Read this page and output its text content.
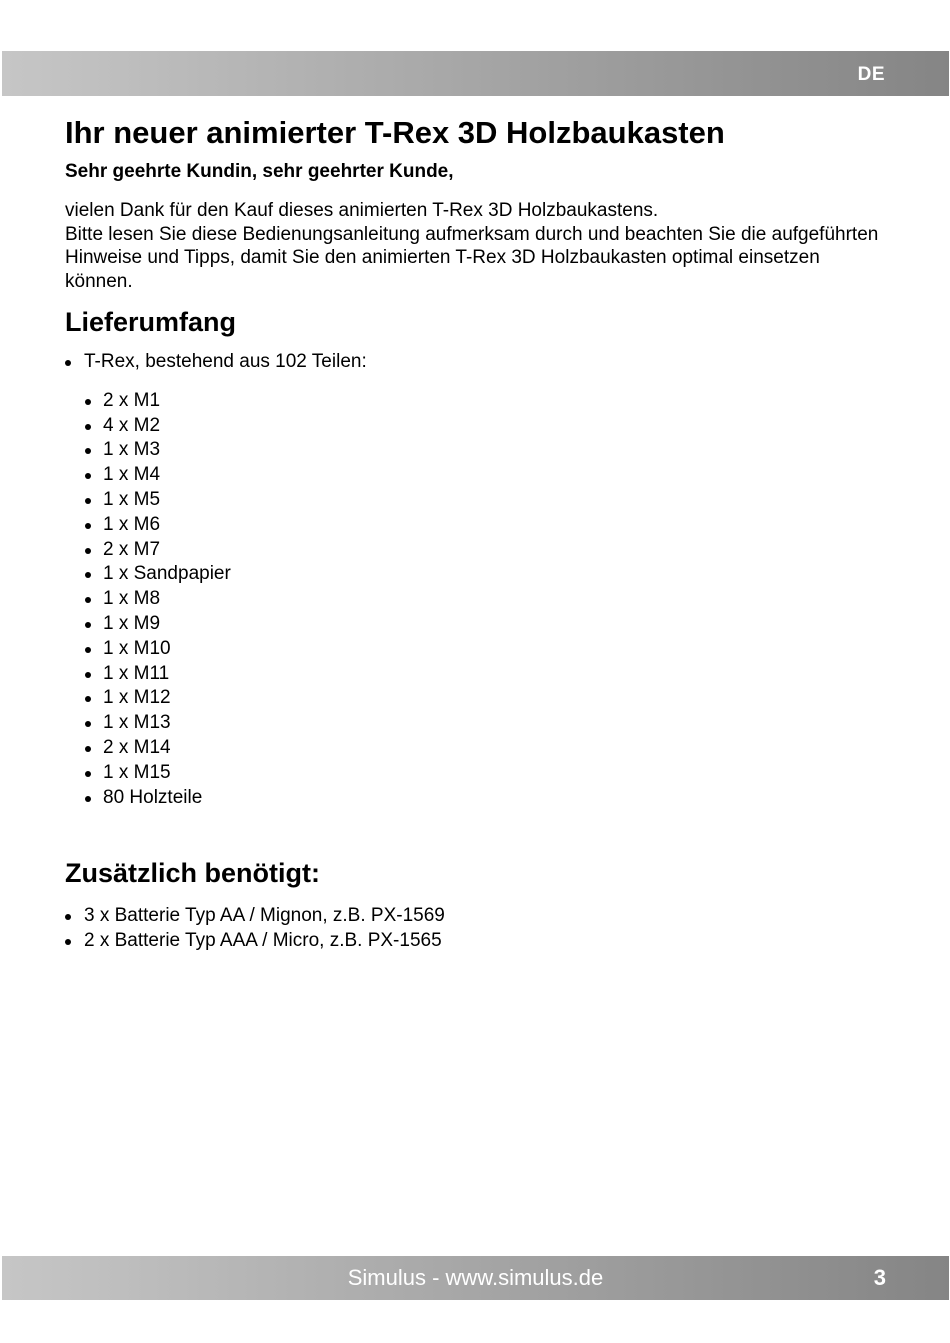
DE
Ihr neuer animierter T-Rex 3D Holzbaukasten

Sehr geehrte Kundin, sehr geehrter Kunde,

vielen Dank für den Kauf dieses animierten T-Rex 3D Holzbaukastens.

Bitte lesen Sie diese Bedienungsanleitung aufmerksam durch und beachten Sie die aufgeführten Hinweise und Tipps, damit Sie den animierten T-Rex 3D Holzbaukasten optimal einsetzen können.

Lieferumfang
T-Rex, bestehend aus 102 Teilen:
2 x M1
4 x M2
1 x M3
1 x M4
1 x M5
1 x M6
2 x M7
1 x Sandpapier
1 x M8
1 x M9
1 x M10
1 x M11
1 x M12
1 x M13
2 x M14
1 x M15
80 Holzteile
Zusätzlich benötigt:
3 x Batterie Typ AA / Mignon, z.B. PX-1569
2 x Batterie Typ AAA / Micro, z.B. PX-1565
Simulus - www.simulus.de	3
